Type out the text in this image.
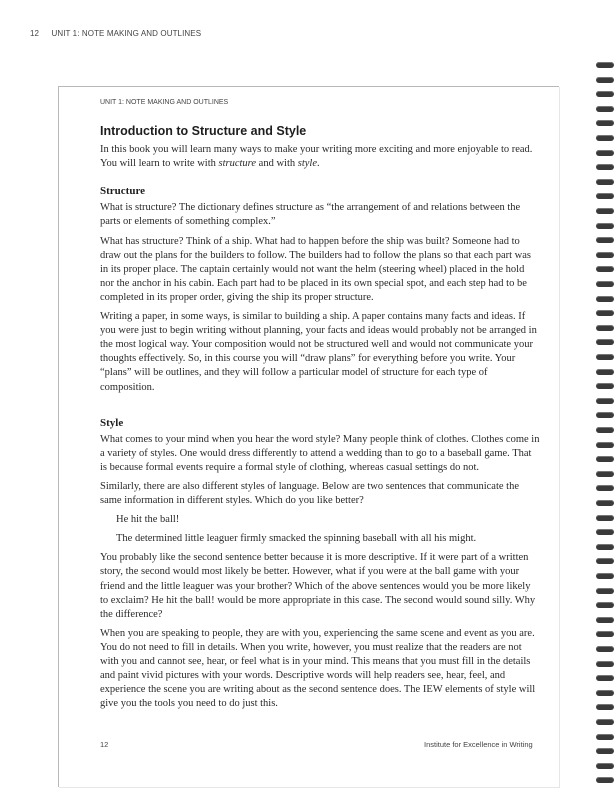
12 UNIT 1: NOTE MAKING AND OUTLINES
UNIT 1: NOTE MAKING AND OUTLINES
Introduction to Structure and Style

In this book you will learn many ways to make your writing more exciting and more enjoyable to read. You will learn to write with structure and with style.

Structure

What is structure? The dictionary defines structure as “the arrangement of and relations between the parts or elements of something complex.”

What has structure? Think of a ship. What had to happen before the ship was built? Someone had to draw out the plans for the builders to follow. The builders had to follow the plans so that each part was in its proper place. The captain certainly would not want the helm (steering wheel) placed in the hold nor the anchor in his cabin. Each part had to be placed in its own special spot, and each step had to be completed in its proper order, giving the ship its proper structure.

Writing a paper, in some ways, is similar to building a ship. A paper contains many facts and ideas. If you were just to begin writing without planning, your facts and ideas would probably not be arranged in the most logical way. Your composition would not be structured well and would not communicate your thoughts effectively. So, in this course you will “draw plans” for everything before you write. Your “plans” will be outlines, and they will follow a particular model of structure for each type of composition.

Style

What comes to your mind when you hear the word style? Many people think of clothes. Clothes come in a variety of styles. One would dress differently to attend a wedding than to go to a baseball game. That is because formal events require a formal style of clothing, whereas casual settings do not.

Similarly, there are also different styles of language. Below are two sentences that communicate the same information in different styles. Which do you like better?

He hit the ball!

The determined little leaguer firmly smacked the spinning baseball with all his might.

You probably like the second sentence better because it is more descriptive. If it were part of a written story, the second would most likely be better. However, what if you were at the ball game with your friend and the little leaguer was your brother? Which of the above sentences would you be more likely to exclaim? He hit the ball! would be more appropriate in this case. The second would sound silly. Why the difference?

When you are speaking to people, they are with you, experiencing the same scene and event as you are. You do not need to fill in details. When you write, however, you must realize that the readers are not with you and cannot see, hear, or feel what is in your mind. This means that you must fill in the details and paint vivid pictures with your words. Descriptive words will help readers see, hear, feel, and experience the scene you are writing about as the second sentence does. The IEW elements of style will give you the tools you need to do just this.

12	Institute for Excellence in Writing
